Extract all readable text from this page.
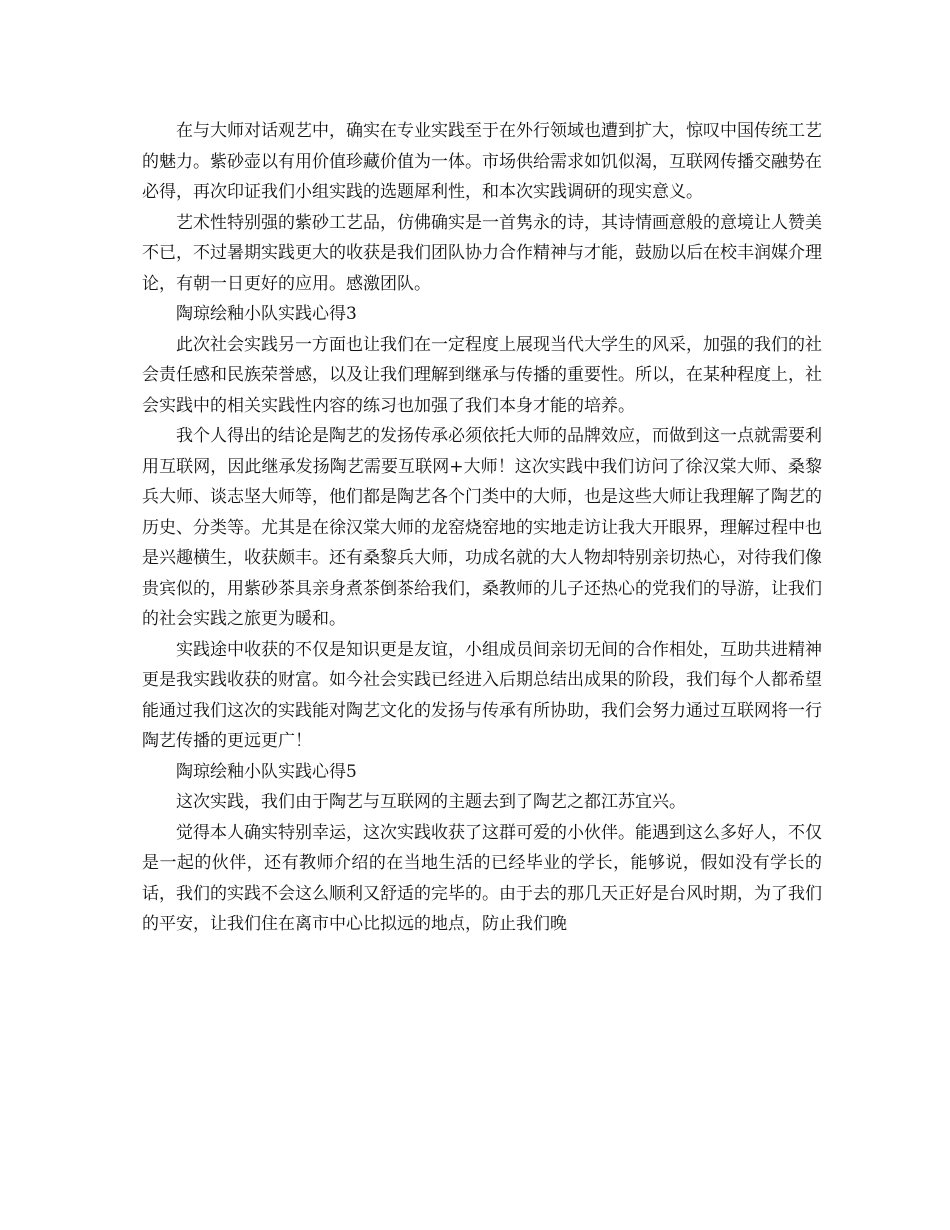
在与大师对话观艺中，确实在专业实践至于在外行领域也遭到扩大，惊叹中国传统工艺的魅力。紫砂壶以有用价值珍藏价值为一体。市场供给需求如饥似渴，互联网传播交融势在必得，再次印证我们小组实践的选题犀利性，和本次实践调研的现实意义。

艺术性特别强的紫砂工艺品，仿佛确实是一首隽永的诗，其诗情画意般的意境让人赞美不已，不过暑期实践更大的收获是我们团队协力合作精神与才能，鼓励以后在校丰润媒介理论，有朝一日更好的应用。感激团队。

陶琼绘釉小队实践心得3

此次社会实践另一方面也让我们在一定程度上展现当代大学生的风采，加强的我们的社会责任感和民族荣誉感，以及让我们理解到继承与传播的重要性。所以，在某种程度上，社会实践中的相关实践性内容的练习也加强了我们本身才能的培养。

我个人得出的结论是陶艺的发扬传承必须依托大师的品牌效应，而做到这一点就需要利用互联网，因此继承发扬陶艺需要互联网+大师！这次实践中我们访问了徐汉棠大师、桑黎兵大师、谈志坚大师等，他们都是陶艺各个门类中的大师，也是这些大师让我理解了陶艺的历史、分类等。尤其是在徐汉棠大师的龙窑烧窑地的实地走访让我大开眼界，理解过程中也是兴趣横生，收获颇丰。还有桑黎兵大师，功成名就的大人物却特别亲切热心，对待我们像贵宾似的，用紫砂茶具亲身煮茶倒茶给我们，桑教师的儿子还热心的党我们的导游，让我们的社会实践之旅更为暖和。

实践途中收获的不仅是知识更是友谊，小组成员间亲切无间的合作相处，互助共进精神更是我实践收获的财富。如今社会实践已经进入后期总结出成果的阶段，我们每个人都希望能通过我们这次的实践能对陶艺文化的发扬与传承有所协助，我们会努力通过互联网将一行陶艺传播的更远更广！

陶琼绘釉小队实践心得5

这次实践，我们由于陶艺与互联网的主题去到了陶艺之都江苏宜兴。

觉得本人确实特别幸运，这次实践收获了这群可爱的小伙伴。能遇到这么多好人，不仅是一起的伙伴，还有教师介绍的在当地生活的已经毕业的学长，能够说，假如没有学长的话，我们的实践不会这么顺利又舒适的完毕的。由于去的那几天正好是台风时期，为了我们的平安，让我们住在离市中心比拟远的地点，防止我们晚
